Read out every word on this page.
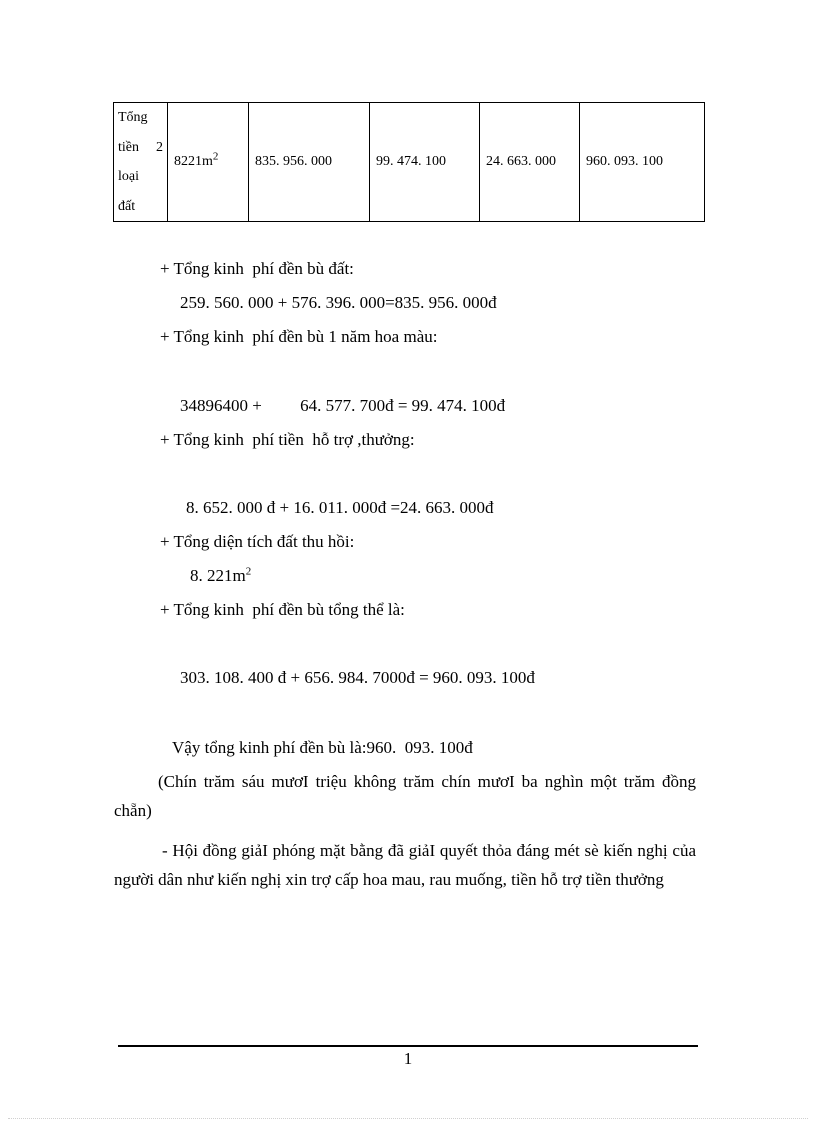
Tổng
tiền 2
loại
đất
	$8221m^2$	835. 956. 000	99. 474. 100	24. 663. 000	960. 093. 100
+ Tổng kinh  phí đền bù đất:
259. 560. 000 + 576. 396. 000=835. 956. 000đ
+ Tổng kinh  phí đền bù 1 năm hoa màu:
34896400 +         64. 577. 700đ = 99. 474. 100đ
+ Tổng kinh  phí tiền  hỗ trợ ,thưởng:
8. 652. 000 đ + 16. 011. 000đ =24. 663. 000đ
+ Tổng diện tích đất thu hồi:
8. $221m^2$
+ Tổng kinh  phí đền bù tổng thể là:
303. 108. 400 đ + 656. 984. 7000đ = 960. 093. 100đ
Vậy tổng kinh phí đền bù là:960.  093. 100đ
(Chín trăm sáu mươI triệu không trăm chín mươI ba nghìn một trăm đồng chẵn)
- Hội đồng giảI phóng mặt bằng đã giảI quyết thỏa đáng mét sè kiến nghị của người dân như kiến nghị xin trợ cấp hoa mau, rau muống, tiền hỗ trợ tiền thưởng
1
